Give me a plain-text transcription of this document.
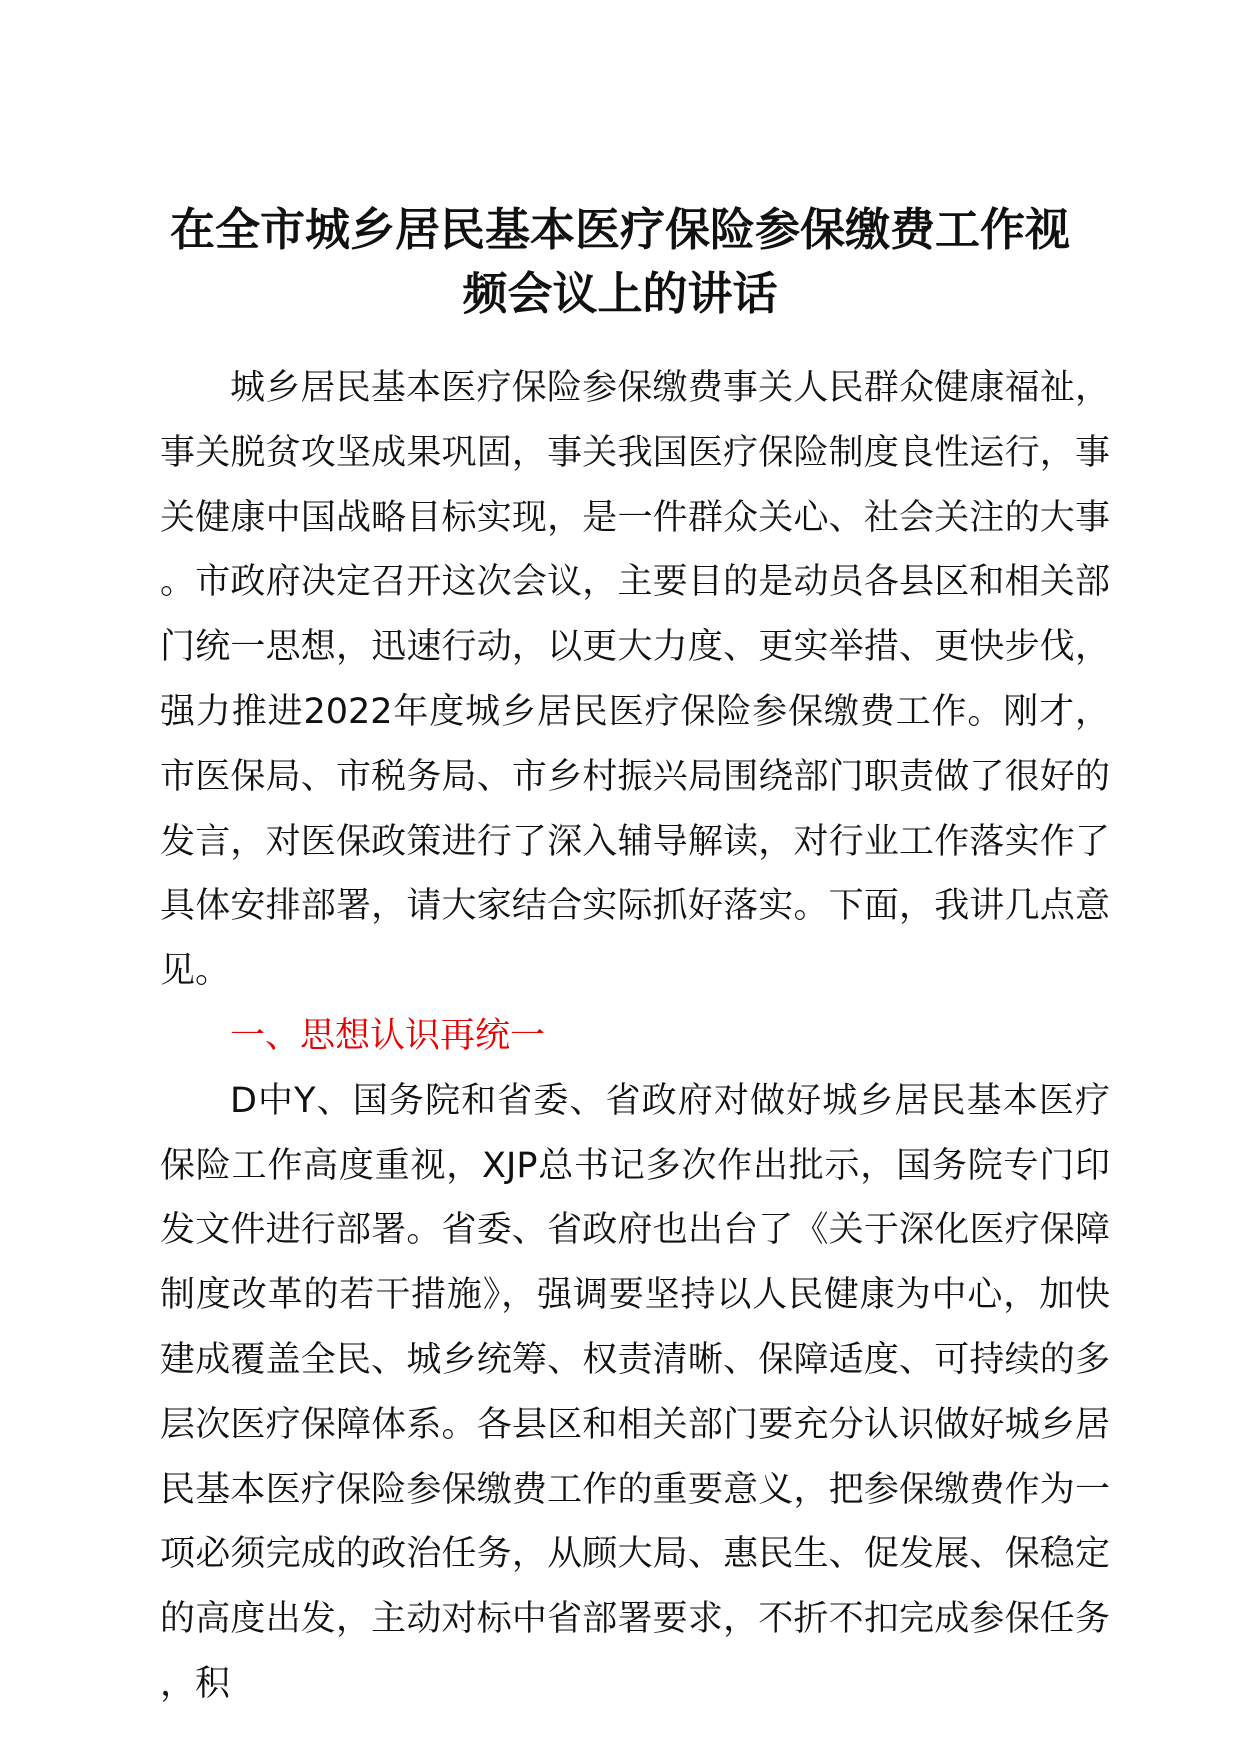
在全市城乡居民基本医疗保险参保缴费工作视频会议上的讲话

城乡居民基本医疗保险参保缴费事关人民群众健康福祉，事关脱贫攻坚成果巩固，事关我国医疗保险制度良性运行，事关健康中国战略目标实现，是一件群众关心、社会关注的大事。市政府决定召开这次会议，主要目的是动员各县区和相关部门统一思想，迅速行动，以更大力度、更实举措、更快步伐，强力推进2022年度城乡居民医疗保险参保缴费工作。刚才，市医保局、市税务局、市乡村振兴局围绕部门职责做了很好的发言，对医保政策进行了深入辅导解读，对行业工作落实作了具体安排部署，请大家结合实际抓好落实。下面，我讲几点意见。

一、思想认识再统一

D中Y、国务院和省委、省政府对做好城乡居民基本医疗保险工作高度重视，XJP总书记多次作出批示，国务院专门印发文件进行部署。省委、省政府也出台了《关于深化医疗保障制度改革的若干措施》，强调要坚持以人民健康为中心，加快建成覆盖全民、城乡统筹、权责清晰、保障适度、可持续的多层次医疗保障体系。各县区和相关部门要充分认识做好城乡居民基本医疗保险参保缴费工作的重要意义，把参保缴费作为一项必须完成的政治任务，从顾大局、惠民生、促发展、保稳定的高度出发，主动对标中省部署要求，不折不扣完成参保任务，积
